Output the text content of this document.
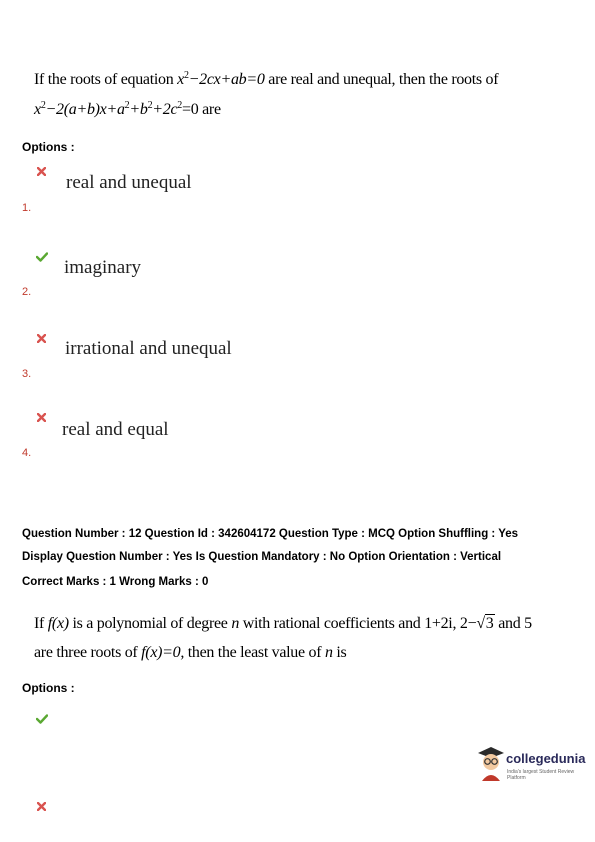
If the roots of equation $x^2-2cx+ab=0$ are real and unequal, then the roots of
$x^2-2(a+b)x+a^2+b^2+2c^2=0$ are
Options :
real and unequal
1.
imaginary
2.
irrational and unequal
3.
real and equal
4.
Question Number : 12 Question Id : 342604172 Question Type : MCQ Option Shuffling : Yes
Display Question Number : Yes Is Question Mandatory : No Option Orientation : Vertical
Correct Marks : 1 Wrong Marks : 0
If f(x) is a polynomial of degree n with rational coefficients and 1+2i, 2−√3 and 5
are three roots of f(x)=0, then the least value of n is
Options :
collegedunia
India's largest Student Review Platform
